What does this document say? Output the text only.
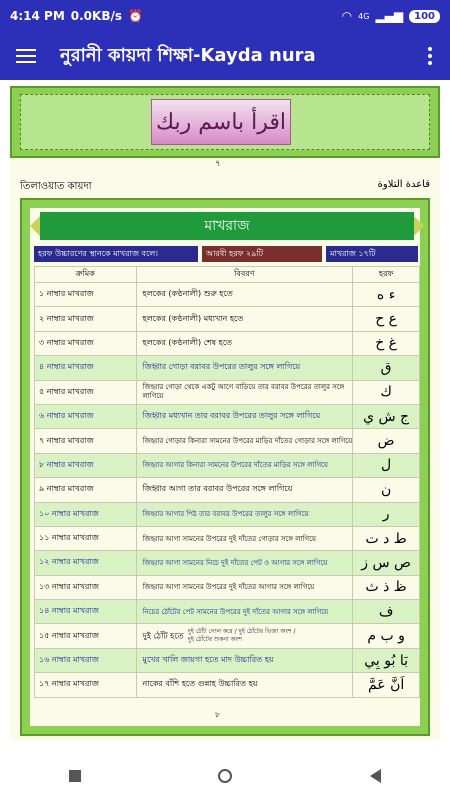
4:14 PM 0.0KB/s ⏰	◠ 4G ▂▄▆	100
নুরানী কায়দা শিক্ষা-Kayda nura
اقرأ باسم ربك
৭
তিলাওয়াত কায়দা	قاعدة التلاوة
মাখরাজ
হরফ উচ্চারণের স্থানকে মাখরাজ বলে।	আরবী হরফ ২৯টি	মাখরাজ ১৭টি
ক্রমিক	বিবরণ	হরফ
১ নাম্বার মাখরাজ	হলকের (কণ্ঠনালী) শুরু হতে	ء ه
২ নাম্বার মাখরাজ	হলকের (কণ্ঠনালী) মধ্যখান হতে	ع ح
৩ নাম্বার মাখরাজ	হলকের (কণ্ঠনালী) শেষ হতে	غ خ
৪ নাম্বার মাখরাজ	জিহ্বার গোড়া বরাবর উপরের তালুর সঙ্গে লাগিয়ে	ق
৫ নাম্বার মাখরাজ	জিহ্বার গোড়া থেকে একটু আগে বাড়িয়ে তার বরাবর উপরের তালুর সঙ্গে লাগিয়ে	ك
৬ নাম্বার মাখরাজ	জিহ্বার মধ্যখান তার বরাবর উপরের তালুর সঙ্গে লাগিয়ে	ج ش ي
৭ নাম্বার মাখরাজ	জিহ্বার গোড়ার কিনারা সামনের উপরের মাড়ির দাঁতের গোড়ার সঙ্গে লাগিয়ে	ض
৮ নাম্বার মাখরাজ	জিহ্বার আগার কিনারা সামনের উপরের দাঁতের মাড়ির সঙ্গে লাগিয়ে	ل
৯ নাম্বার মাখরাজ	জিহ্বার আগা তার বরাবর উপরের সঙ্গে লাগিয়ে	ن
১০ নাম্বার মাখরাজ	জিহ্বার আগার পিঠ তার বরাবর উপরের তালুর সঙ্গে লাগিয়ে	ر
১১ নাম্বার মাখরাজ	জিহ্বার আগা সামনের উপরের দুই দাঁতের গোড়ার সঙ্গে লাগিয়ে	ط د ت
১২ নাম্বার মাখরাজ	জিহ্বার আগা সামনের নিচে দুই দাঁতের পেট ও আগার সঙ্গে লাগিয়ে	ص س ز
১৩ নাম্বার মাখরাজ	জিহ্বার আগা সামনের উপরের দুই দাঁতের আগার সঙ্গে লাগিয়ে	ظ ذ ث
১৪ নাম্বার মাখরাজ	নিচের ঠোঁটের পেট সামনের উপরের দুই দাঁতের আগার সঙ্গে লাগিয়ে	ف
১৫ নাম্বার মাখরাজ	দুই ঠোঁট হতে দুই ঠোঁট গোল করে / দুই ঠোঁটের ভিজা অংশ / দুই ঠোঁটের শুকনা অংশ	و ب م
১৬ নাম্বার মাখরাজ	মুখের খালি জায়গা হতে মাদ উচ্চারিত হয়	بَا بُو بِي
১৭ নাম্বার মাখরাজ	নাকের বাঁশি হতে গুন্নাহ উচ্চারিত হয়	اَنَّ عَمَّ
৮
